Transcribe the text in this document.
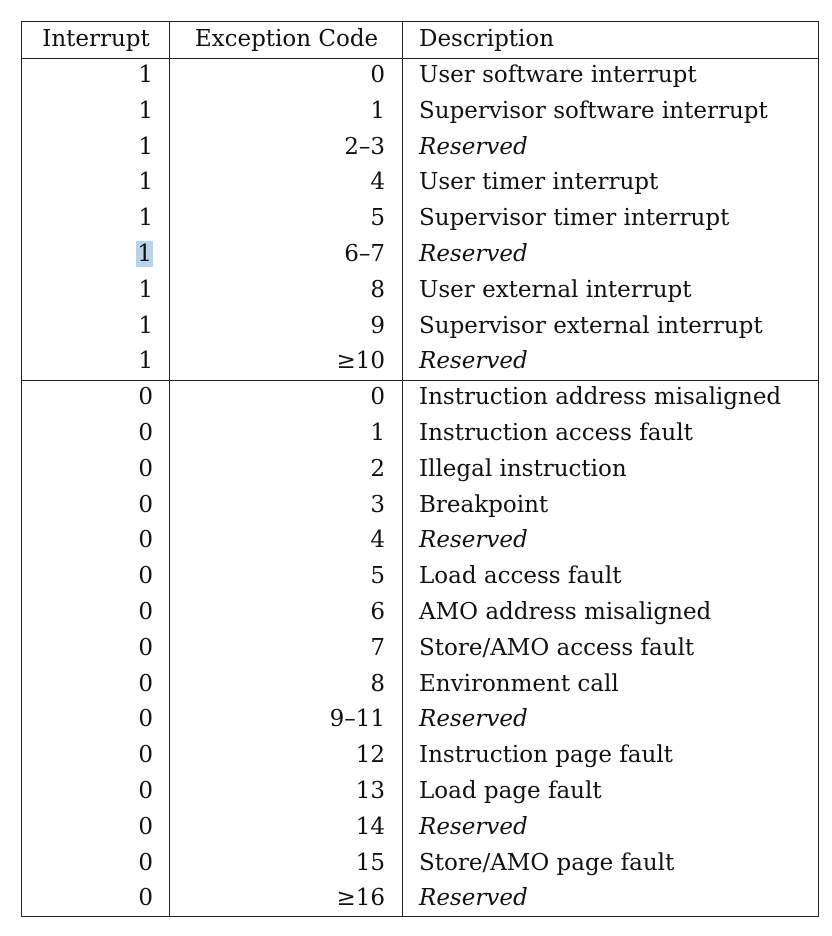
Interrupt	Exception Code	Description
1	0 User software interrupt
1	1 Supervisor software interrupt
1	2–3 Reserved
1	4 User timer interrupt
1	5 Supervisor timer interrupt
1	6–7 Reserved
1	8 User external interrupt
1	9 Supervisor external interrupt
1	≥10 Reserved
0	0 Instruction address misaligned
0	1 Instruction access fault
0	2 Illegal instruction
0	3 Breakpoint
0	4 Reserved
0	5 Load access fault
0	6 AMO address misaligned
0	7 Store/AMO access fault
0	8 Environment call
0	9–11 Reserved
0	12 Instruction page fault
0	13 Load page fault
0	14 Reserved
0	15 Store/AMO page fault
0	≥16 Reserved
